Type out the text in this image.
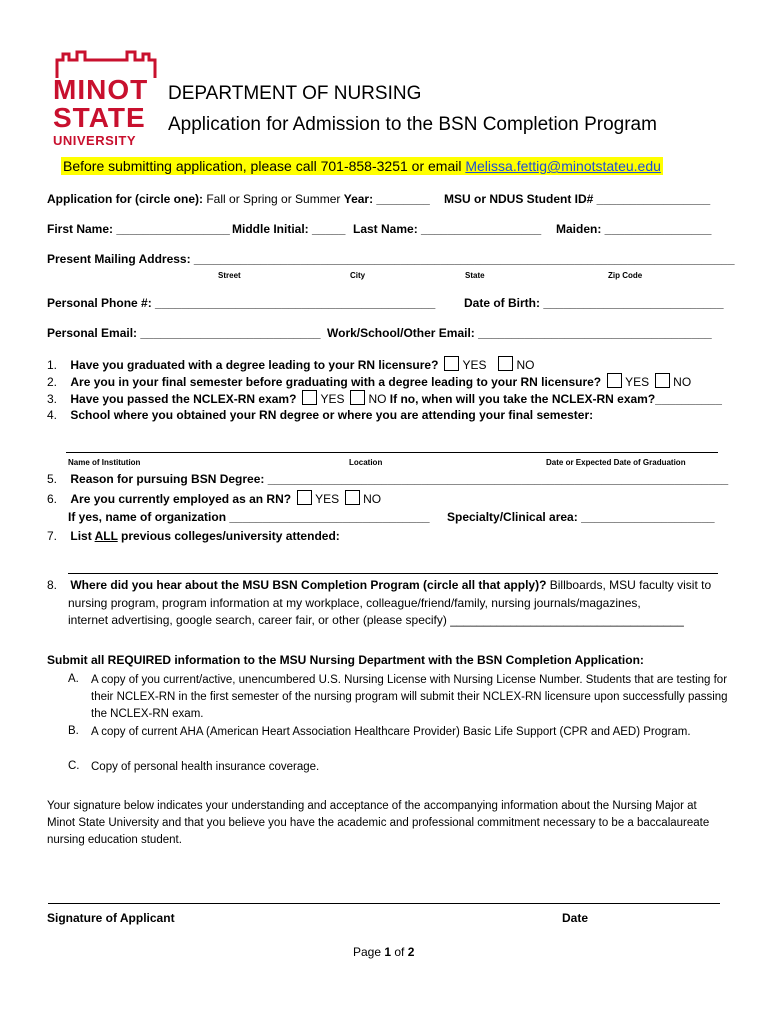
MINOT
STATE
UNIVERSITY
DEPARTMENT OF NURSING
Application for Admission to the BSN Completion Program
Before submitting application, please call 701-858-3251 or email Melissa.fettig@minotstateu.edu
Application for (circle one): Fall or Spring or Summer Year: ________ MSU or NDUS Student ID# _________________
First Name: _________________ Middle Initial: _____ Last Name: __________________ Maiden: ________________
Present Mailing Address: _________________________________________________________________________________
Street	City	State	Zip Code
Personal Phone #: __________________________________________ Date of Birth: ___________________________
Personal Email: ___________________________ Work/School/Other Email: ___________________________________
1. Have you graduated with a degree leading to your RN licensure? YES	NO
2. Are you in your final semester before graduating with a degree leading to your RN licensure? YES NO
3. Have you passed the NCLEX-RN exam? YES NO If no, when will you take the NCLEX-RN exam?__________
4. School where you obtained your RN degree or where you are attending your final semester:
Name of Institution	Location	Date or Expected Date of Graduation
5. Reason for pursuing BSN Degree: _____________________________________________________________________
6. Are you currently employed as an RN? YES NO
If yes, name of organization ______________________________ Specialty/Clinical area: ____________________
7. List ALL previous colleges/university attended:
8. Where did you hear about the MSU BSN Completion Program (circle all that apply)? Billboards, MSU faculty visit to
nursing program, program information at my workplace, colleague/friend/family, nursing journals/magazines,
internet advertising, google search, career fair, or other (please specify) ___________________________________
Submit all REQUIRED information to the MSU Nursing Department with the BSN Completion Application:
A. A copy of you current/active, unencumbered U.S. Nursing License with Nursing License Number. Students that are testing for their NCLEX-RN in the first semester of the nursing program will submit their NCLEX-RN licensure upon successfully passing the NCLEX-RN exam.
B. A copy of current AHA (American Heart Association Healthcare Provider) Basic Life Support (CPR and AED) Program.
C. Copy of personal health insurance coverage.
Your signature below indicates your understanding and acceptance of the accompanying information about the Nursing Major at Minot State University and that you believe you have the academic and professional commitment necessary to be a baccalaureate nursing education student.
Signature of Applicant	Date
Page 1 of 2
